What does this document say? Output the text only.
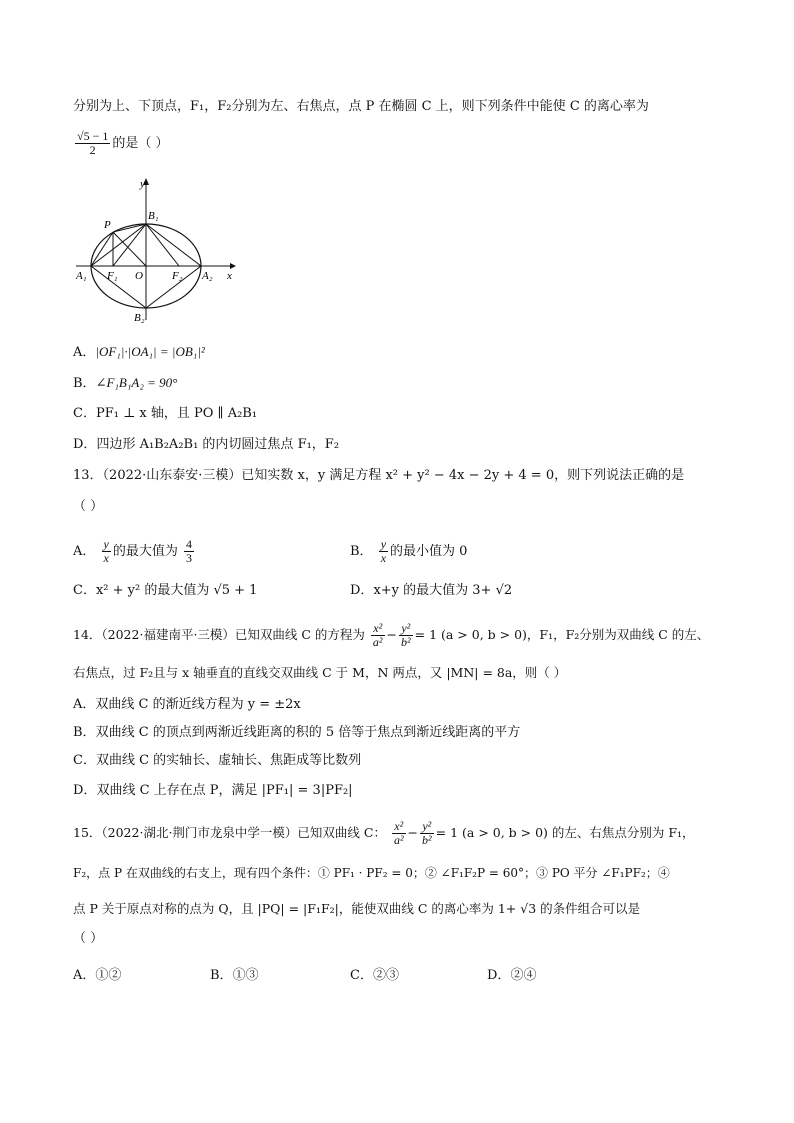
分别为上、下顶点，F₁，F₂分别为左、右焦点，点 P 在椭圆 C 上，则下列条件中能使 C 的离心率为
$\frac{√5 - 1}{2}$ 的是（ ）
y
x
O
P
B₁
B₂
A₁	A₂
F₁	F₂
A．|OF₁|·|OA₁| = |OB₁|²
B．∠F₁B₁A₂ = 90°
C．PF₁ ⊥ x 轴，且 PO ∥ A₂B₁
D．四边形 A₁B₂A₂B₁ 的内切圆过焦点 F₁，F₂
13．（2022·山东泰安·三模）已知实数 x，y 满足方程 x² + y² − 4x − 2y + 4 = 0，则下列说法正确的是
（ ）
A． $\frac{y}{x}$ 的最大值为 $\frac{4}{3}$	B． $\frac{y}{x}$ 的最小值为 0
C．x² + y² 的最大值为 √5 + 1	D．x+y 的最大值为 3+ √2
14．（2022·福建南平·三模）已知双曲线 C 的方程为 $\frac{\text{x²}}{\text{a²}} - \frac{\text{y²}}{\text{b²}} = 1$ (a > 0, b > 0)，F₁，F₂分别为双曲线 C 的左、
右焦点，过 F₂且与 x 轴垂直的直线交双曲线 C 于 M，N 两点，又 |MN| = 8a，则（ ）
A．双曲线 C 的渐近线方程为 y = ±2x
B．双曲线 C 的顶点到两渐近线距离的积的 5 倍等于焦点到渐近线距离的平方
C．双曲线 C 的实轴长、虚轴长、焦距成等比数列
D．双曲线 C 上存在点 P，满足 |PF₁| = 3|PF₂|
15．（2022·湖北·荆门市龙泉中学一模）已知双曲线 C： $\frac{\text{x²}}{\text{a²}} - \frac{\text{y²}}{\text{b²}} = 1$ (a > 0, b > 0) 的左、右焦点分别为 F₁，
F₂，点 P 在双曲线的右支上，现有四个条件：① PF₁ · PF₂ = 0；② ∠F₁F₂P = 60°；③ PO 平分 ∠F₁PF₂；④
点 P 关于原点对称的点为 Q，且 |PQ| = |F₁F₂|，能使双曲线 C 的离心率为 1+ √3 的条件组合可以是
（ ）
A．①②	B．①③	C．②③	D．②④
